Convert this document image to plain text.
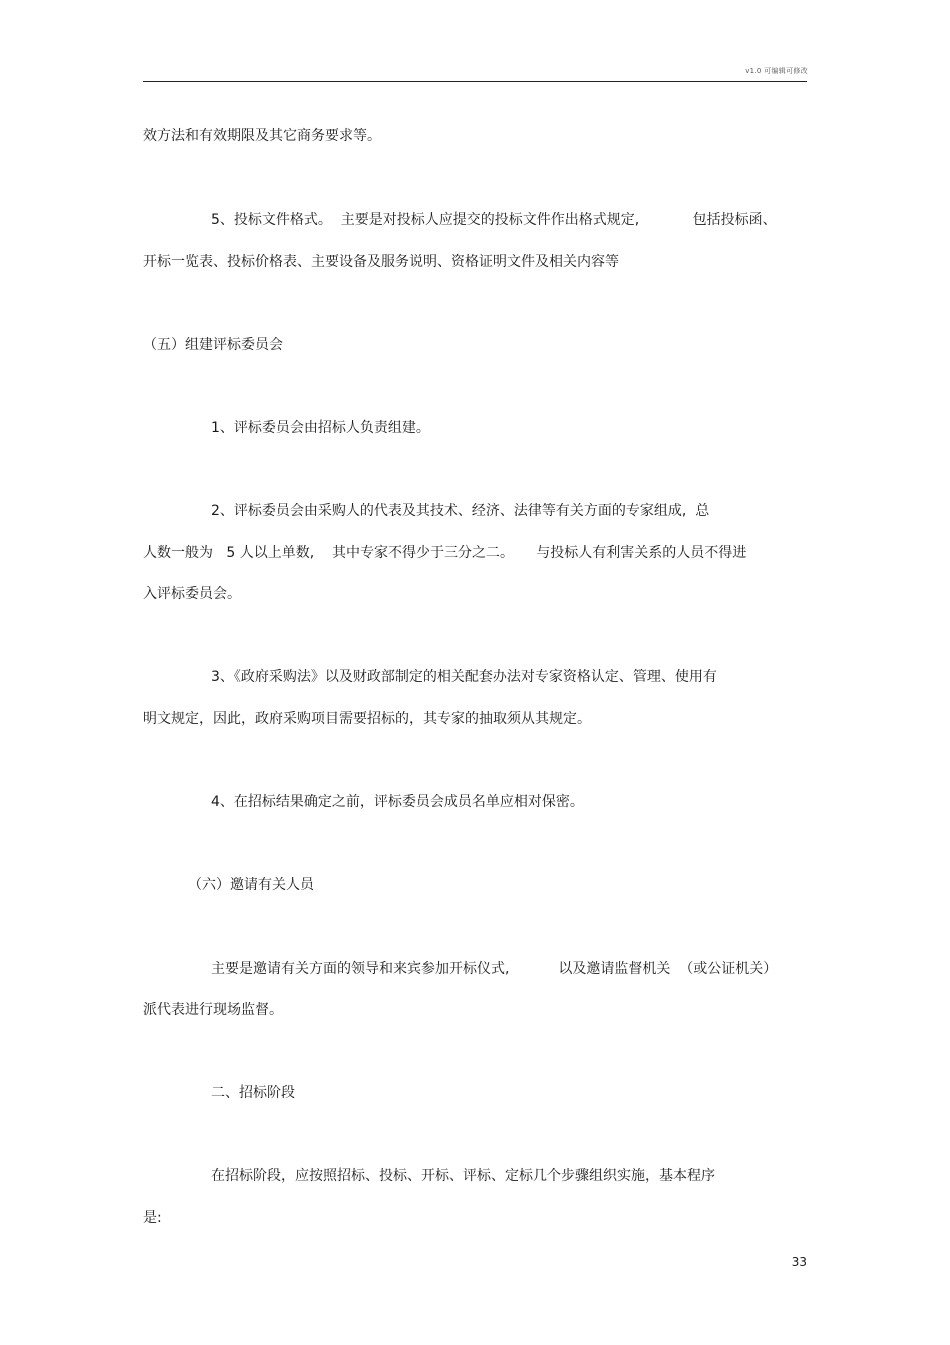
v1.0 可编辑可修改
效方法和有效期限及其它商务要求等。
5、投标文件格式。  主要是对投标人应提交的投标文件作出格式规定,            包括投标函、
开标一览表、投标价格表、主要设备及服务说明、资格证明文件及相关内容等
（五）组建评标委员会
1、评标委员会由招标人负责组建。
2、评标委员会由采购人的代表及其技术、经济、法律等有关方面的专家组成,  总
人数一般为   5 人以上单数,    其中专家不得少于三分之二。     与投标人有利害关系的人员不得进
入评标委员会。
3、《政府采购法》以及财政部制定的相关配套办法对专家资格认定、管理、使用有
明文规定，因此，政府采购项目需要招标的，其专家的抽取须从其规定。
4、在招标结果确定之前，评标委员会成员名单应相对保密。
（六）邀请有关人员
主要是邀请有关方面的领导和来宾参加开标仪式,           以及邀请监督机关  （或公证机关）
派代表进行现场监督。
二、招标阶段
在招标阶段，应按照招标、投标、开标、评标、定标几个步骤组织实施，基本程序
是:
33
